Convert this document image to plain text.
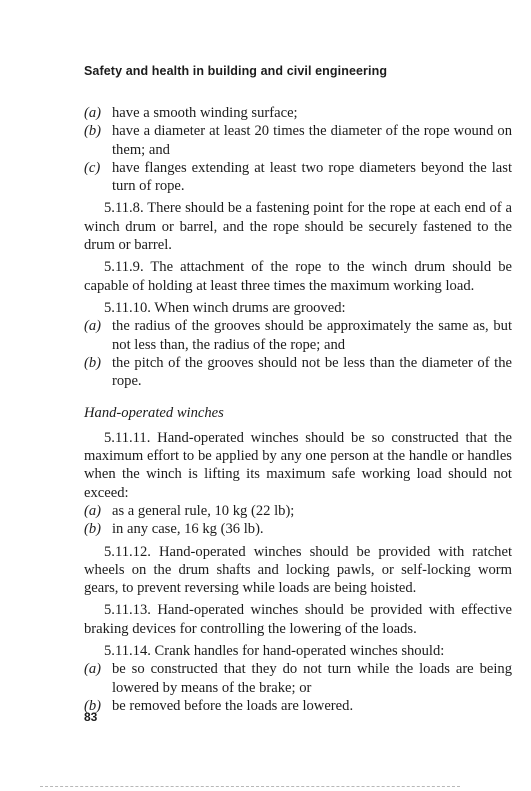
Safety and health in building and civil engineering
(a) have a smooth winding surface;
(b) have a diameter at least 20 times the diameter of the rope wound on them; and
(c) have flanges extending at least two rope diameters beyond the last turn of rope.

5.11.8. There should be a fastening point for the rope at each end of a winch drum or barrel, and the rope should be securely fastened to the drum or barrel.

5.11.9. The attachment of the rope to the winch drum should be capable of holding at least three times the maximum working load.

5.11.10. When winch drums are grooved:

(a) the radius of the grooves should be approximately the same as, but not less than, the radius of the rope; and
(b) the pitch of the grooves should not be less than the diameter of the rope.
Hand-operated winches

5.11.11. Hand-operated winches should be so constructed that the maximum effort to be applied by any one person at the handle or handles when the winch is lifting its maximum safe working load should not exceed:

(a) as a general rule, 10 kg (22 lb);
(b) in any case, 16 kg (36 lb).

5.11.12. Hand-operated winches should be provided with ratchet wheels on the drum shafts and locking pawls, or self-locking worm gears, to prevent reversing while loads are being hoisted.

5.11.13. Hand-operated winches should be provided with effective braking devices for controlling the lowering of the loads.

5.11.14. Crank handles for hand-operated winches should:

(a) be so constructed that they do not turn while the loads are being lowered by means of the brake; or
(b) be removed before the loads are lowered.
83
